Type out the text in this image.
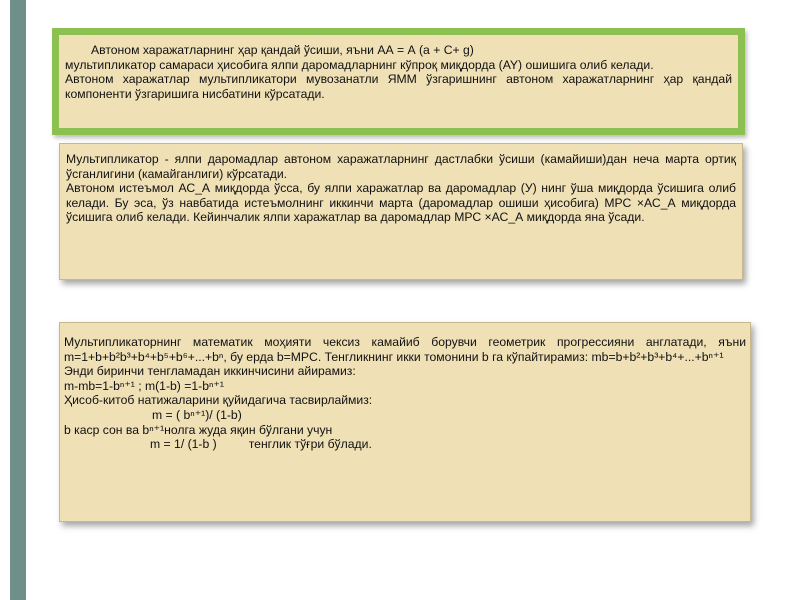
Автоном харажатларнинг ҳар қандай ўсиши, яъни АА = А (а + С+ g)

мультипликатор самараси ҳисобига ялпи даромадларнинг кўпроқ миқдорда (AY) ошишига олиб келади.

Автоном харажатлар мультипликатори мувозанатли ЯММ ўзгаришнинг автоном харажатларнинг ҳар қандай компоненти ўзгаришига нисбатини кўрсатади.

Мультипликатор - ялпи даромадлар автоном харажатларнинг дастлабки ўсиши (камайиши)дан неча марта ортиқ ўсганлигини (камайганлиги) кўрсатади.

Автоном истеъмол АС_А миқдорда ўсса, бу ялпи харажатлар ва даромадлар (У) нинг ўша миқдорда ўсишига олиб келади. Бу эса, ўз навбатида истеъмолнинг иккинчи марта (даромадлар ошиши ҳисобига) МРС ×АС_А миқдорда ўсишига олиб келади. Кейинчалик ялпи харажатлар ва даромадлар МРС ×АС_А миқдорда яна ўсади.

Мультипликаторнинг математик моҳияти чексиз камайиб борувчи геометрик прогрессияни англатади, яъни m=1+b+b²b³+b⁴+b⁵+b⁶+...+bⁿ, бу ерда b=MPC. Тенгликнинг икки томонини b га кўпайтирамиз: mb=b+b²+b³+b⁴+...+bⁿ⁺¹

Энди биринчи тенгламадан иккинчисини айирамиз:

m-mb=1-bⁿ⁺¹ ; m(1-b) =1-bⁿ⁺¹

Ҳисоб-китоб натижаларини қуйидагича тасвирлаймиз:

m = ( bⁿ⁺¹)/ (1-b)

b каср сон ва bⁿ⁺¹нолга жуда яқин бўлгани учун

m = 1/ (1-b )	тенглик тўғри бўлади.
